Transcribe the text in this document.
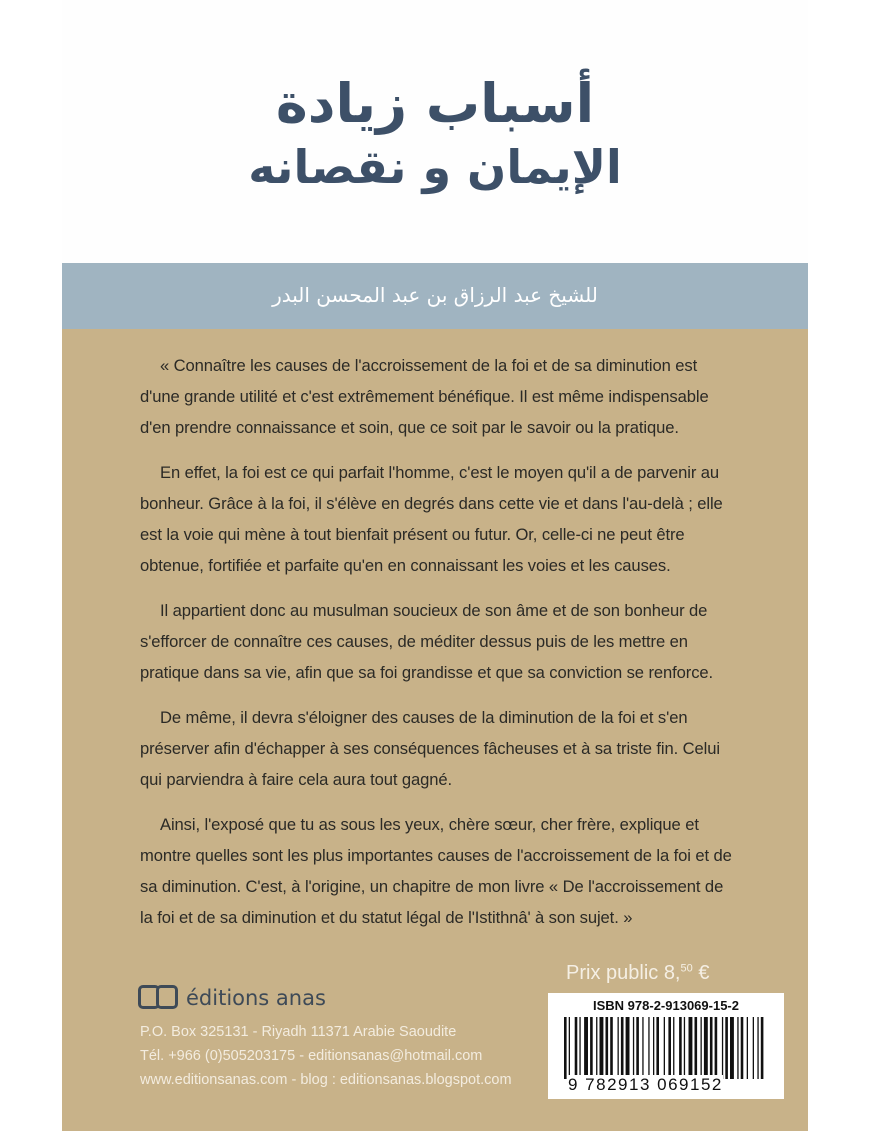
أسباب زيادة
الإيمان و نقصانه
للشيخ عبد الرزاق بن عبد المحسن البدر

« Connaître les causes de l'accroissement de la foi et de sa diminution est d'une grande utilité et c'est extrêmement bénéfique. Il est même indispensable d'en prendre connaissance et soin, que ce soit par le savoir ou la pratique.

En effet, la foi est ce qui parfait l'homme, c'est le moyen qu'il a de parvenir au bonheur. Grâce à la foi, il s'élève en degrés dans cette vie et dans l'au-delà ; elle est la voie qui mène à tout bienfait présent ou futur. Or, celle-ci ne peut être obtenue, fortifiée et parfaite qu'en en connaissant les voies et les causes.

Il appartient donc au musulman soucieux de son âme et de son bonheur de s'efforcer de connaître ces causes, de méditer dessus puis de les mettre en pratique dans sa vie, afin que sa foi grandisse et que sa conviction se renforce.

De même, il devra s'éloigner des causes de la diminution de la foi et s'en préserver afin d'échapper à ses conséquences fâcheuses et à sa triste fin. Celui qui parviendra à faire cela aura tout gagné.

Ainsi, l'exposé que tu as sous les yeux, chère sœur, cher frère, explique et montre quelles sont les plus importantes causes de l'accroissement de la foi et de sa diminution. C'est, à l'origine, un chapitre de mon livre « De l'accroissement de la foi et de sa diminution et du statut légal de l'Istithnâ' à son sujet. »

éditions anas
P.O. Box 325131 - Riyadh 11371 Arabie Saoudite
Tél. +966 (0)505203175 - editionsanas@hotmail.com
www.editionsanas.com - blog : editionsanas.blogspot.com
Prix public 8,50 €
ISBN 978-2-913069-15-2
9 782913 069152
